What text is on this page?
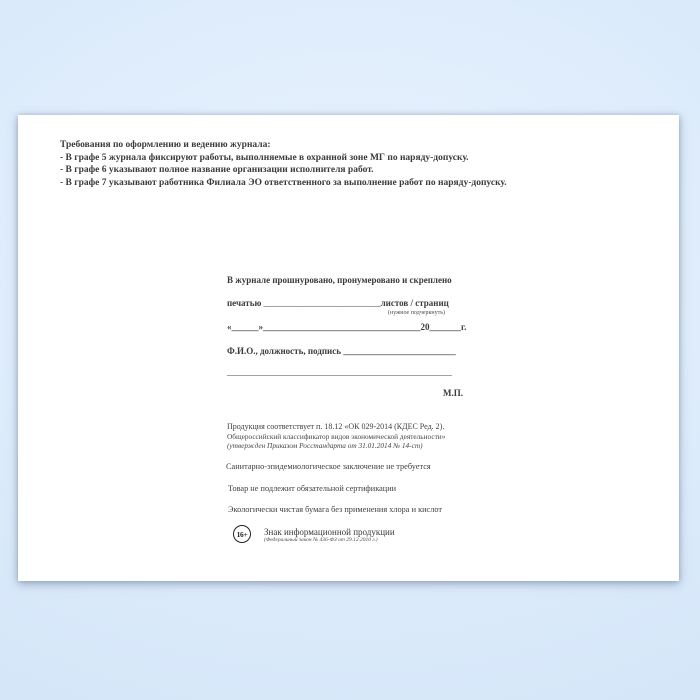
Требования по оформлению и ведению журнала:
- В графе 5 журнала фиксируют работы, выполняемые в охранной зоне МГ по наряду-допуску.
- В графе 6 указывают полное название организации исполнителя работ.
- В графе 7 указывают работника Филиала ЭО ответственного за выполнение работ по наряду-допуску.
В журнале прошнуровано, пронумеровано и скреплено
печатью __________________________листов / страниц
(нужное подчеркнуть)
«______»___________________________________20_______г.
Ф.И.О., должность, подпись _________________________
__________________________________________________
М.П.
Продукция соответствует п. 18.12 «ОК 029-2014 (КДЕС Ред. 2).
Общероссийский классификатор видов экономической деятельности»
(утвержден Приказом Росстандарта от 31.01.2014 № 14-ст)
Санитарно-эпидемиологическое заключение не требуется
Товар не подлежит обязательной сертификации
Экологически чистая бумага без применения хлора и кислот
16+ Знак информационной продукции
(Федеральный закон № 436-ФЗ от 29.12.2010 г.)
